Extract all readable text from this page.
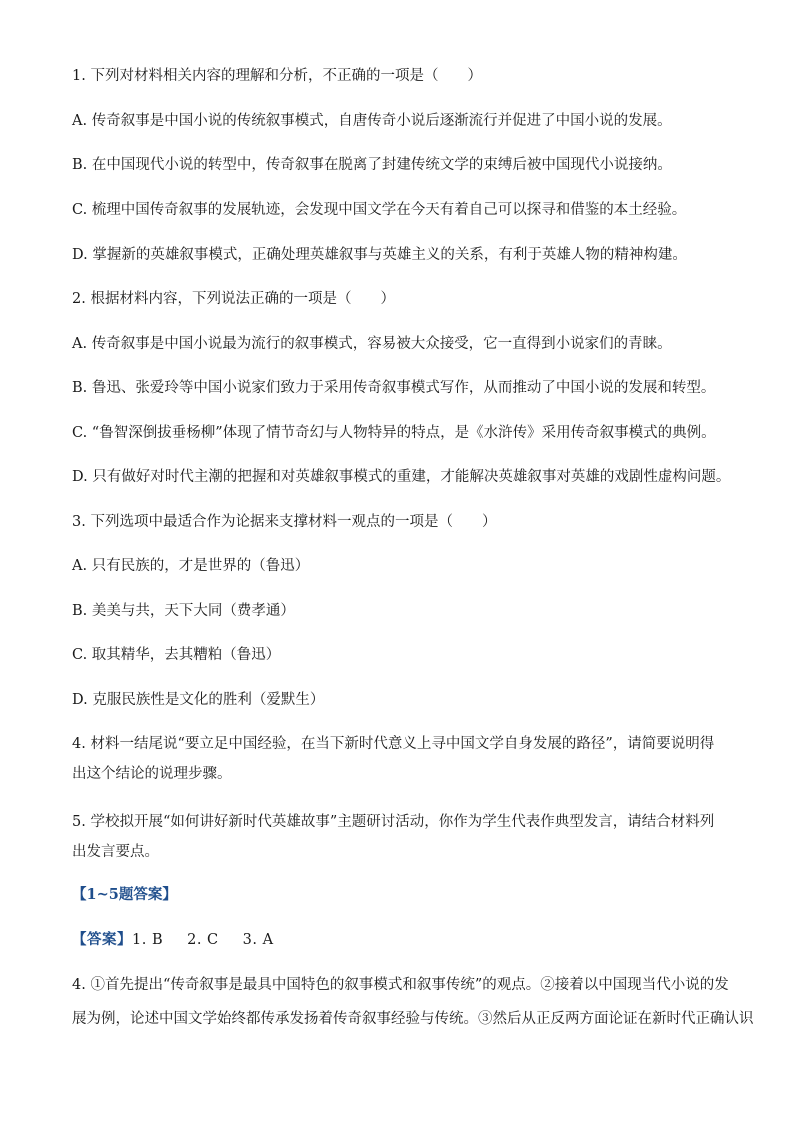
1. 下列对材料相关内容的理解和分析，不正确的一项是（　　）
A. 传奇叙事是中国小说的传统叙事模式，自唐传奇小说后逐渐流行并促进了中国小说的发展。
B. 在中国现代小说的转型中，传奇叙事在脱离了封建传统文学的束缚后被中国现代小说接纳。
C. 梳理中国传奇叙事的发展轨迹，会发现中国文学在今天有着自己可以探寻和借鉴的本土经验。
D. 掌握新的英雄叙事模式，正确处理英雄叙事与英雄主义的关系，有利于英雄人物的精神构建。
2. 根据材料内容，下列说法正确的一项是（　　）
A. 传奇叙事是中国小说最为流行的叙事模式，容易被大众接受，它一直得到小说家们的青睐。
B. 鲁迅、张爱玲等中国小说家们致力于采用传奇叙事模式写作，从而推动了中国小说的发展和转型。
C. “鲁智深倒拔垂杨柳”体现了情节奇幻与人物特异的特点，是《水浒传》采用传奇叙事模式的典例。
D. 只有做好对时代主潮的把握和对英雄叙事模式的重建，才能解决英雄叙事对英雄的戏剧性虚构问题。
3. 下列选项中最适合作为论据来支撑材料一观点的一项是（　　）
A. 只有民族的，才是世界的（鲁迅）
B. 美美与共，天下大同（费孝通）
C. 取其精华，去其糟粕（鲁迅）
D. 克服民族性是文化的胜利（爱默生）
4. 材料一结尾说“要立足中国经验，在当下新时代意义上寻中国文学自身发展的路径”，请简要说明得出这个结论的说理步骤。
5. 学校拟开展“如何讲好新时代英雄故事”主题研讨活动，你作为学生代表作典型发言，请结合材料列出发言要点。
【1~5题答案】
【答案】1. B 2. C 3. A
4. ①首先提出“传奇叙事是最具中国特色的叙事模式和叙事传统”的观点。②接着以中国现当代小说的发
展为例，论述中国文学始终都传承发扬着传奇叙事经验与传统。③然后从正反两方面论证在新时代正确认识
